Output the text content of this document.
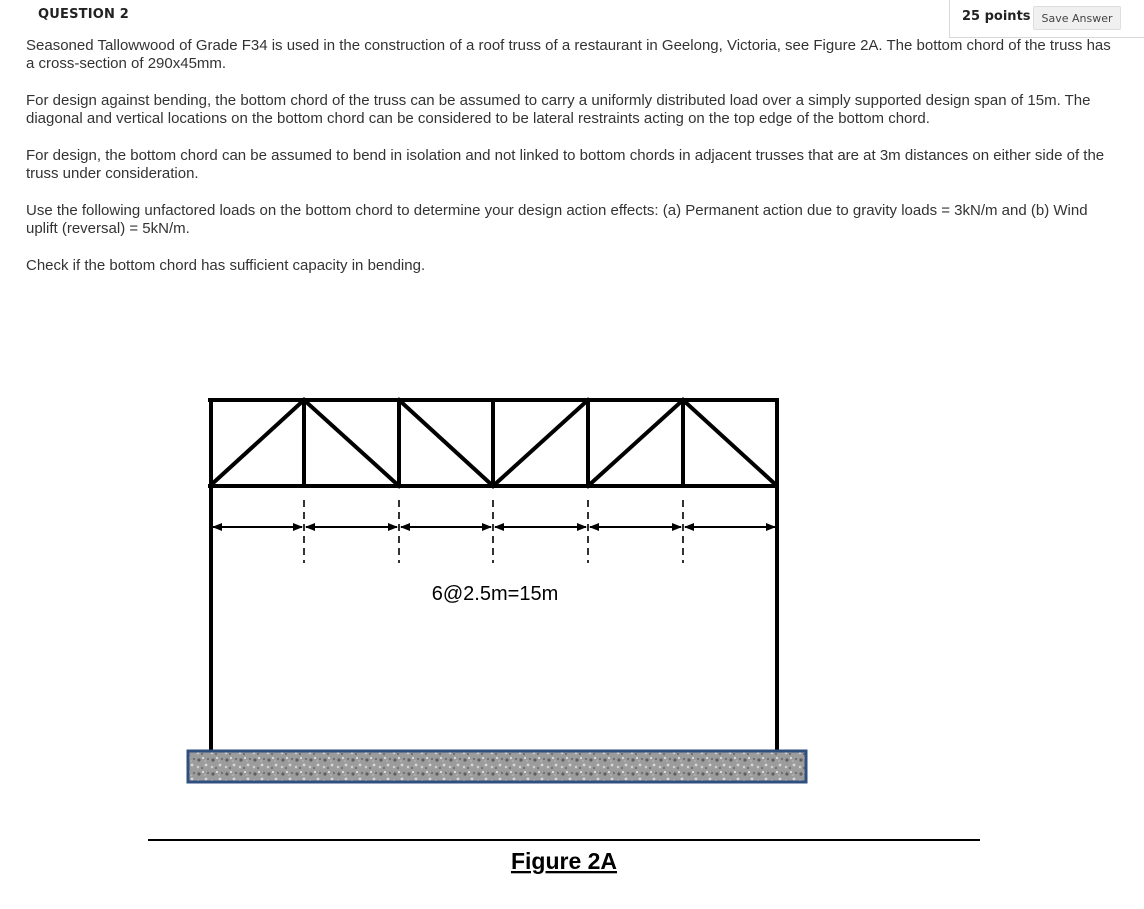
QUESTION 2	25 points Save Answer

Seasoned Tallowwood of Grade F34 is used in the construction of a roof truss of a restaurant in Geelong, Victoria, see Figure 2A. The bottom chord of the truss has a cross-section of 290x45mm.

For design against bending, the bottom chord of the truss can be assumed to carry a uniformly distributed load over a simply supported design span of 15m. The diagonal and vertical locations on the bottom chord can be considered to be lateral restraints acting on the top edge of the bottom chord.

For design, the bottom chord can be assumed to bend in isolation and not linked to bottom chords in adjacent trusses that are at 3m distances on either side of the truss under consideration.

Use the following unfactored loads on the bottom chord to determine your design action effects: (a) Permanent action due to gravity loads = 3kN/m and (b) Wind uplift (reversal) = 5kN/m.

Check if the bottom chord has sufficient capacity in bending.

6@2.5m=15m
Figure 2A
